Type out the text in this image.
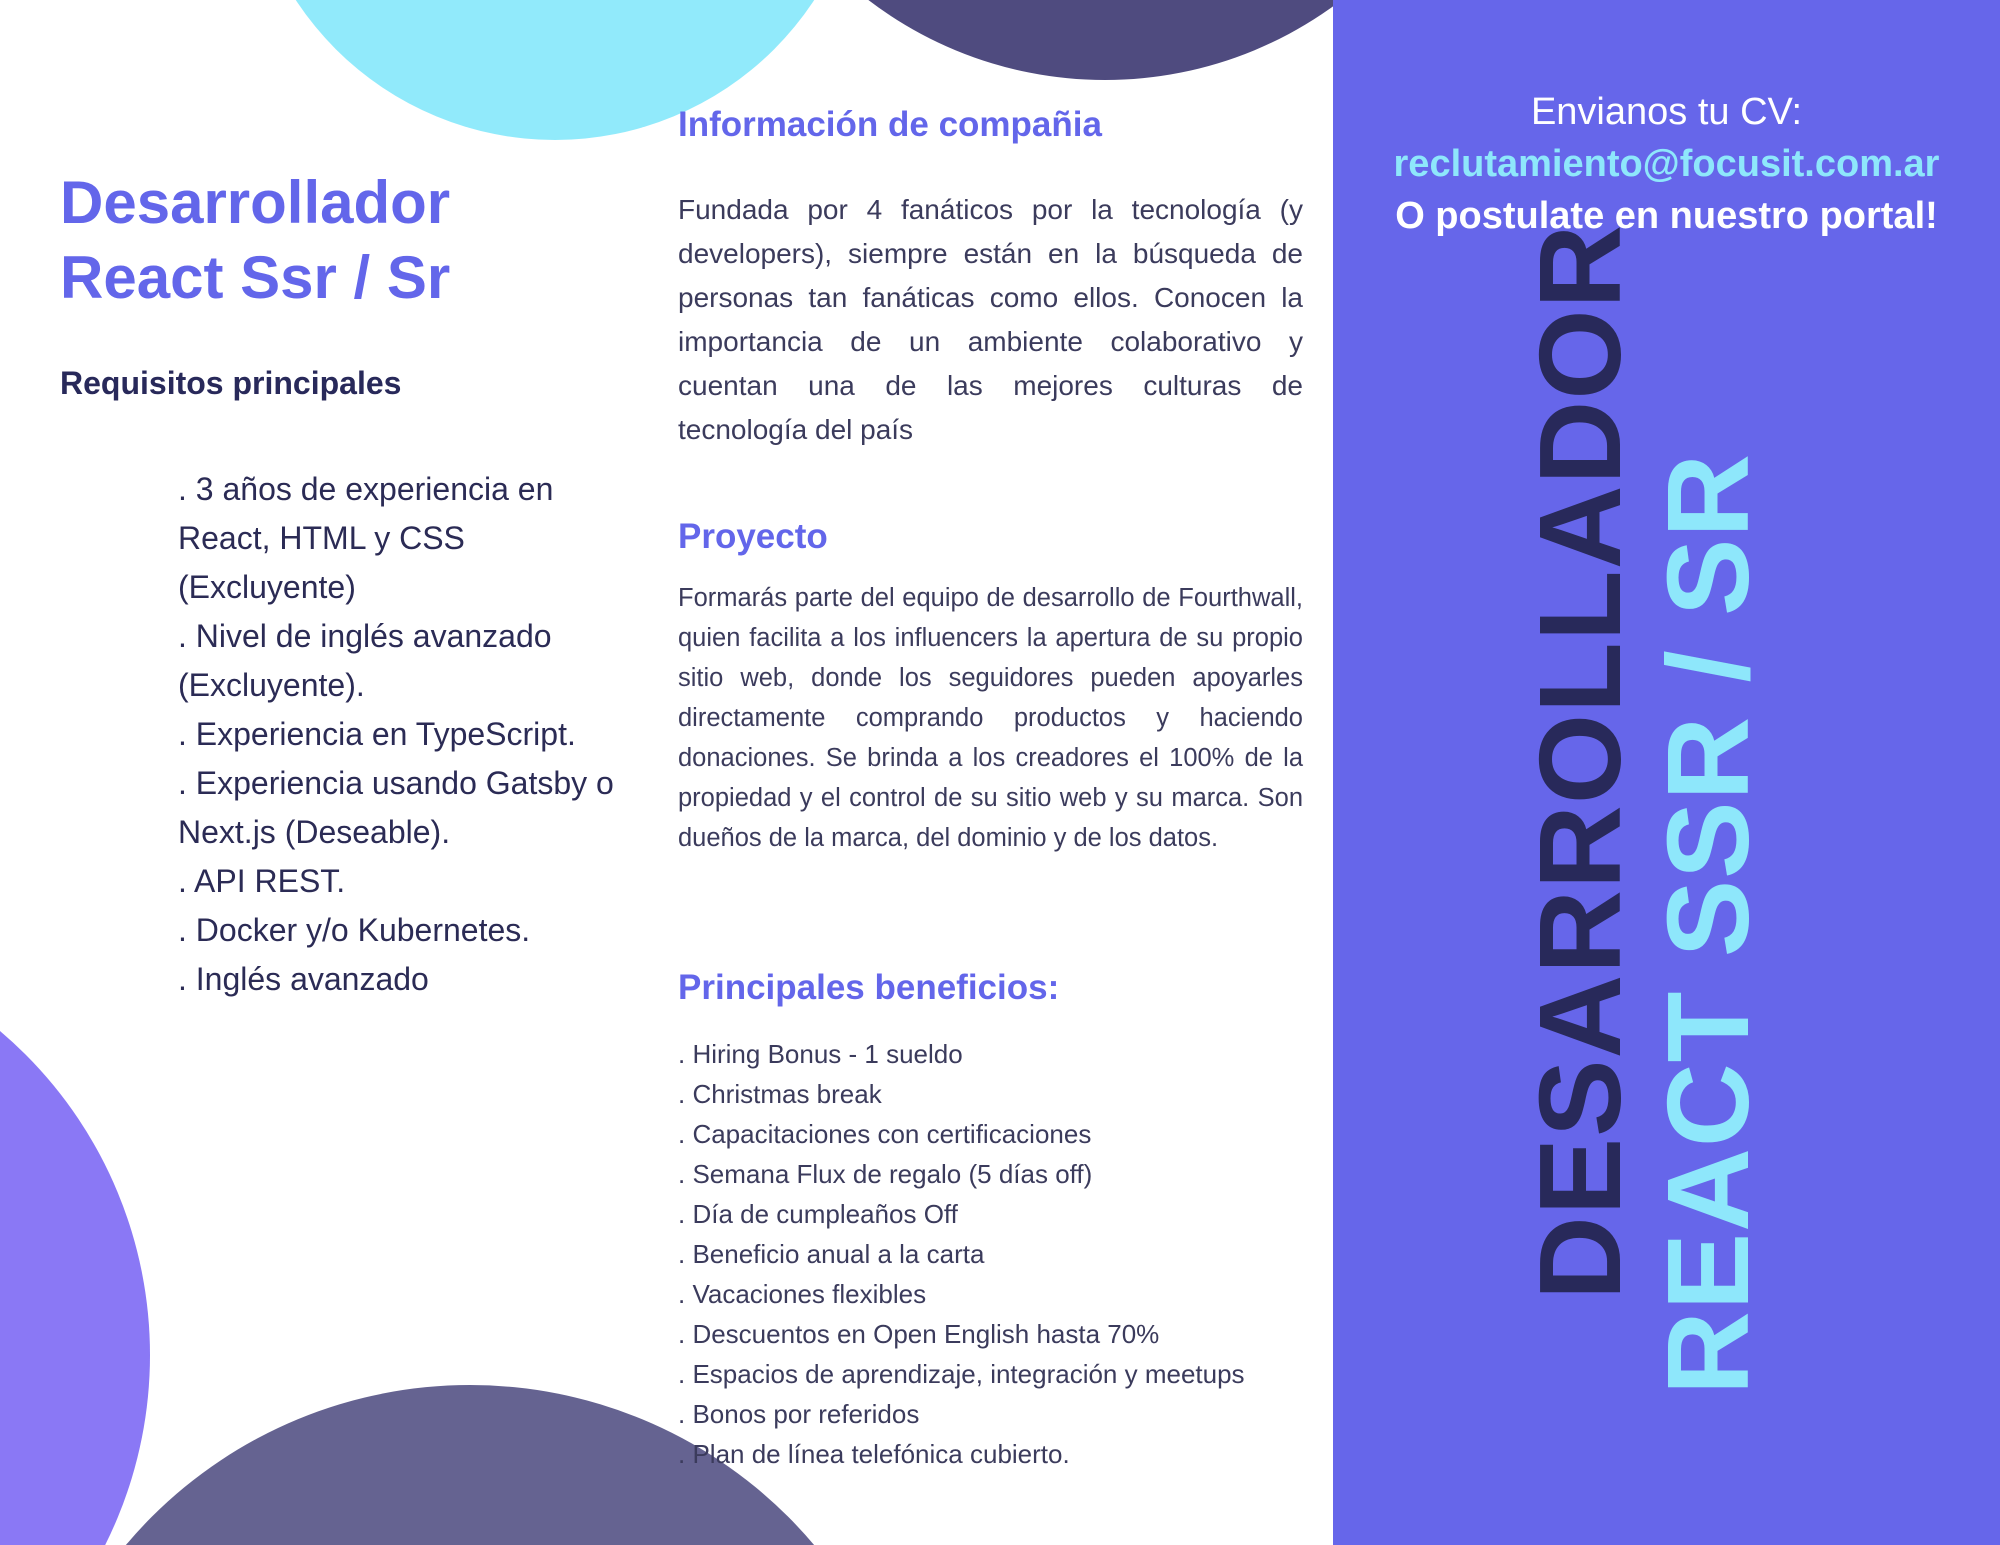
Desarrollador
React Ssr / Sr
Requisitos principales
. 3 años de experiencia en React, HTML y CSS (Excluyente)
. Nivel de inglés avanzado (Excluyente).
. Experiencia en TypeScript.
. Experiencia usando Gatsby o Next.js (Deseable).
. API REST.
. Docker y/o Kubernetes.
. Inglés avanzado
Información de compañia
Fundada por 4 fanáticos por la tecnología (y developers), siempre están en la búsqueda de personas tan fanáticas como ellos. Conocen la importancia de un ambiente colaborativo y cuentan una de las mejores culturas de tecnología del país
Proyecto
Formarás parte del equipo de desarrollo de Fourthwall, quien facilita a los influencers la apertura de su propio sitio web, donde los seguidores pueden apoyarles directamente comprando productos y haciendo donaciones. Se brinda a los creadores el 100% de la propiedad y el control de su sitio web y su marca. Son dueños de la marca, del dominio y de los datos.
Principales beneficios:
. Hiring Bonus - 1 sueldo
. Christmas break
. Capacitaciones con certificaciones
. Semana Flux de regalo (5 días off)
. Día de cumpleaños Off
. Beneficio anual a la carta
. Vacaciones flexibles
. Descuentos en Open English hasta 70%
. Espacios de aprendizaje, integración y meetups
. Bonos por referidos
. Plan de línea telefónica cubierto.
Envianos tu CV:
reclutamiento@focusit.com.ar
O postulate en nuestro portal!
DESARROLLADOR
REACT SSR / SR
